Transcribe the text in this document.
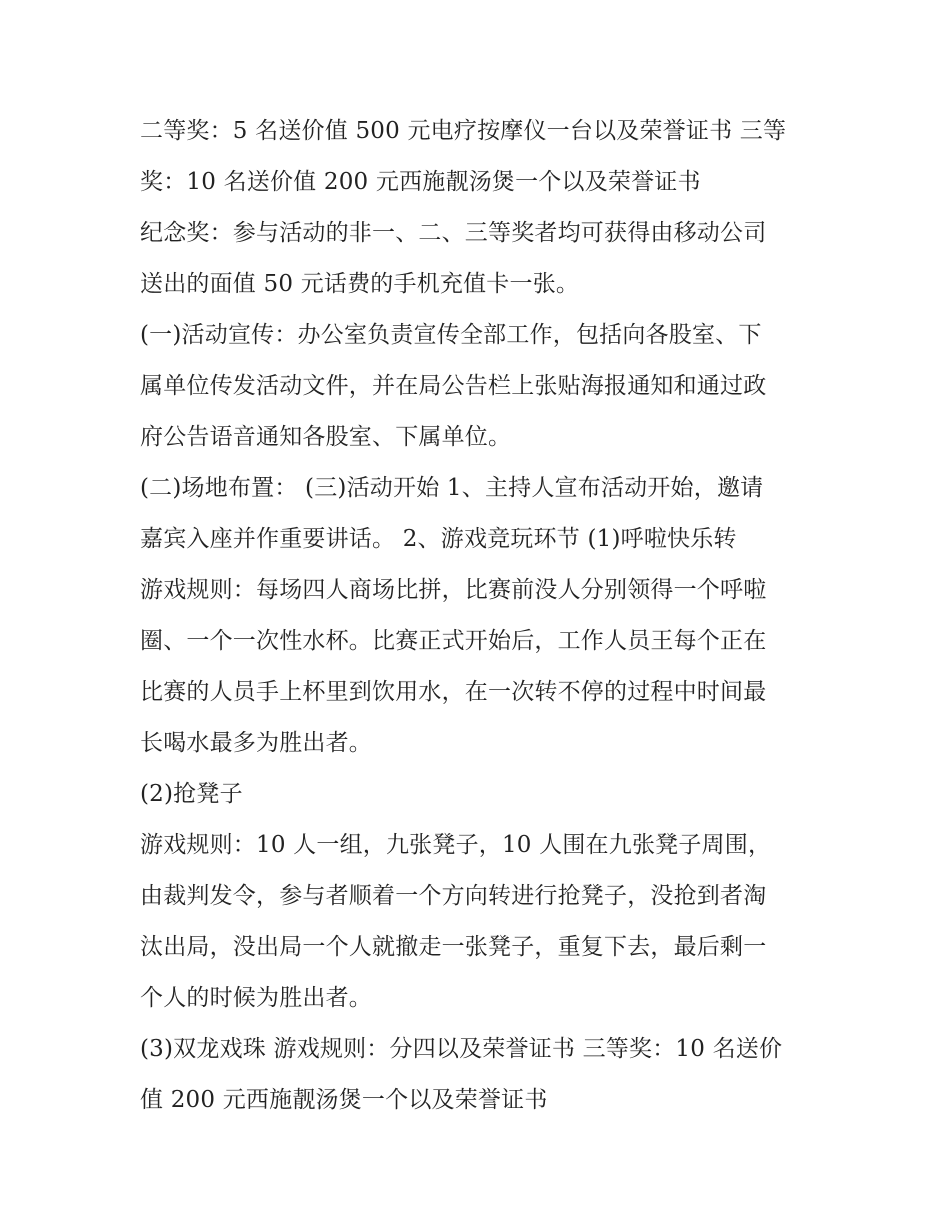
二等奖：5 名送价值 500 元电疗按摩仪一台以及荣誉证书 三等
奖：10 名送价值 200 元西施靓汤煲一个以及荣誉证书
纪念奖：参与活动的非一、二、三等奖者均可获得由移动公司
送出的面值 50 元话费的手机充值卡一张。
(一)活动宣传：办公室负责宣传全部工作，包括向各股室、下
属单位传发活动文件，并在局公告栏上张贴海报通知和通过政
府公告语音通知各股室、下属单位。
(二)场地布置： (三)活动开始 1、主持人宣布活动开始，邀请
嘉宾入座并作重要讲话。 2、游戏竞玩环节 (1)呼啦快乐转
游戏规则：每场四人商场比拼，比赛前没人分别领得一个呼啦
圈、一个一次性水杯。比赛正式开始后，工作人员王每个正在
比赛的人员手上杯里到饮用水，在一次转不停的过程中时间最
长喝水最多为胜出者。
(2)抢凳子
游戏规则：10 人一组，九张凳子，10 人围在九张凳子周围，
由裁判发令，参与者顺着一个方向转进行抢凳子，没抢到者淘
汰出局，没出局一个人就撤走一张凳子，重复下去，最后剩一
个人的时候为胜出者。
(3)双龙戏珠 游戏规则：分四以及荣誉证书 三等奖：10 名送价
值 200 元西施靓汤煲一个以及荣誉证书
